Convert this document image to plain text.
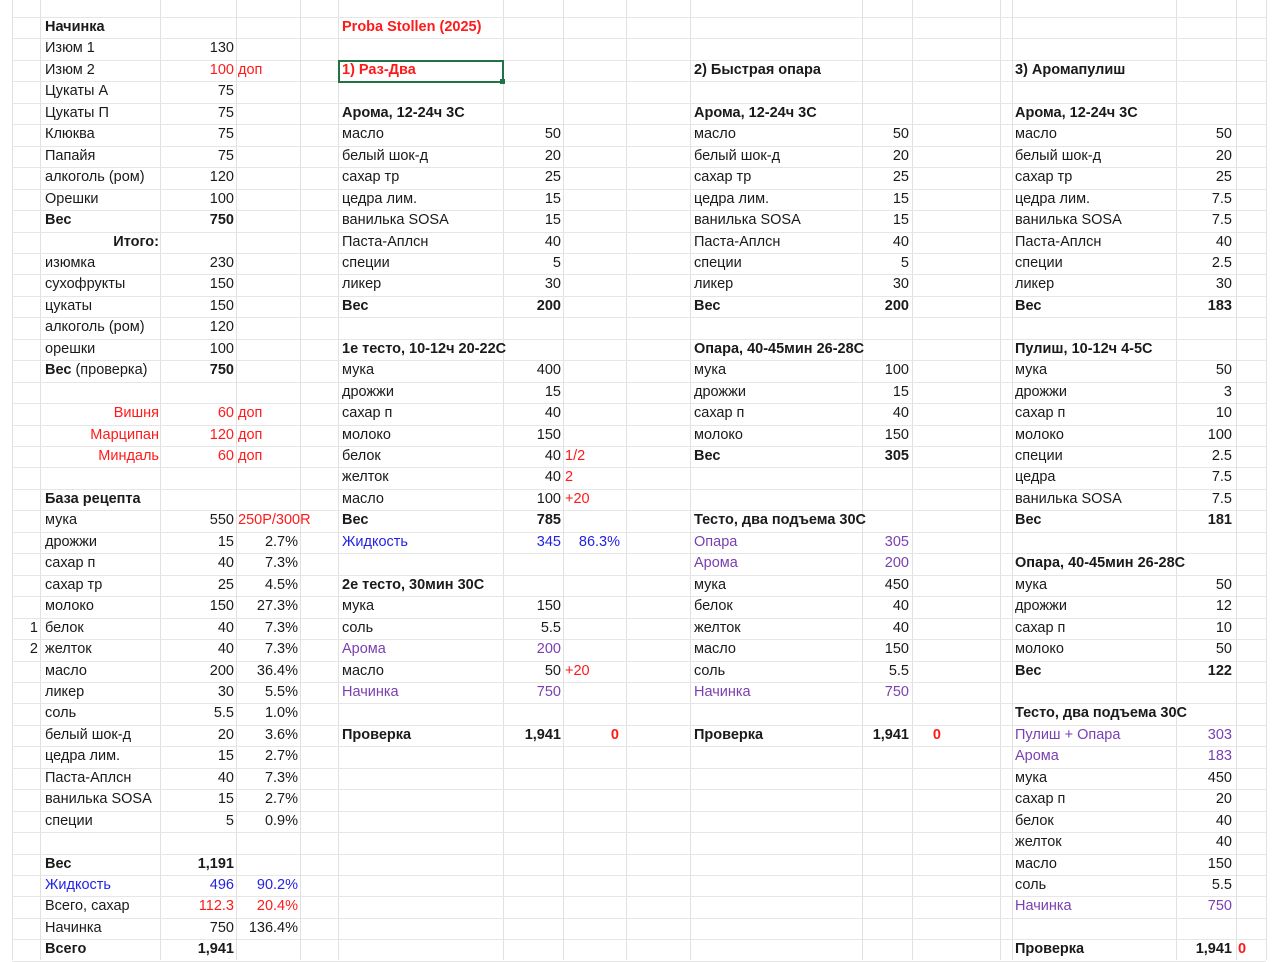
Начинка
Изюм 1	130
Изюм 2	100 доп
Цукаты А	75
Цукаты П	75
Клюква	75
Папайя	75
алкоголь (ром)	120
Орешки	100
Вес	750
Итого:
изюмка	230
сухофрукты	150
цукаты	150
алкоголь (ром)	120
орешки	100
Вес (проверка)	750
Вишня	60 доп
Марципан	120 доп
Миндаль	60 доп
База рецепта
мука	550 250P/300R
дрожжи	15	2.7%
сахар п	40	7.3%
сахар тр	25	4.5%
молоко	150	27.3%
1 белок	40	7.3%
2 желток	40	7.3%
масло	200	36.4%
ликер	30	5.5%
соль	5.5	1.0%
белый шок-д	20	3.6%
цедра лим.	15	2.7%
Паста-Аплсн	40	7.3%
ванилька SOSA	15	2.7%
специи	5	0.9%
Вес	1,191
Жидкость	496	90.2%
Всего, сахар	112.3	20.4%
Начинка	750	136.4%
Всего	1,941
Proba Stollen (2025)
1) Раз-Два
Арома, 12-24ч 3С
масло	50
белый шок-д	20
сахар тр	25
цедра лим.	15
ванилька SOSA	15
Паста-Аплсн	40
специи	5
ликер	30
Вес	200
1е тесто, 10-12ч 20-22С
мука	400
дрожжи	15
сахар п	40
молоко	150
белок	40 1/2
желток	40 2
масло	100 +20
Вес	785
Жидкость	345	86.3%
2е тесто, 30мин 30С
мука	150
соль	5.5
Арома	200
масло	50 +20
Начинка	750
Проверка	1,941	0
2) Быстрая опара
Арома, 12-24ч 3С
масло	50
белый шок-д	20
сахар тр	25
цедра лим.	15
ванилька SOSA	15
Паста-Аплсн	40
специи	5
ликер	30
Вес	200
Опара, 40-45мин 26-28С
мука	100
дрожжи	15
сахар п	40
молоко	150
Вес	305
Тесто, два подъема 30С
Опара	305
Арома	200
мука	450
белок	40
желток	40
масло	150
соль	5.5
Начинка	750
Проверка	1,941	0
3) Аромапулиш
Арома, 12-24ч 3С
масло	50
белый шок-д	20
сахар тр	25
цедра лим.	7.5
ванилька SOSA	7.5
Паста-Аплсн	40
специи	2.5
ликер	30
Вес	183
Пулиш, 10-12ч 4-5С
мука	50
дрожжи	3
сахар п	10
молоко	100
специи	2.5
цедра	7.5
ванилька SOSA	7.5
Вес	181
Опара, 40-45мин 26-28С
мука	50
дрожжи	12
сахар п	10
молоко	50
Вес	122
Тесто, два подъема 30С
Пулиш + Опара	303
Арома	183
мука	450
сахар п	20
белок	40
желток	40
масло	150
соль	5.5
Начинка	750
Проверка	1,941 0
